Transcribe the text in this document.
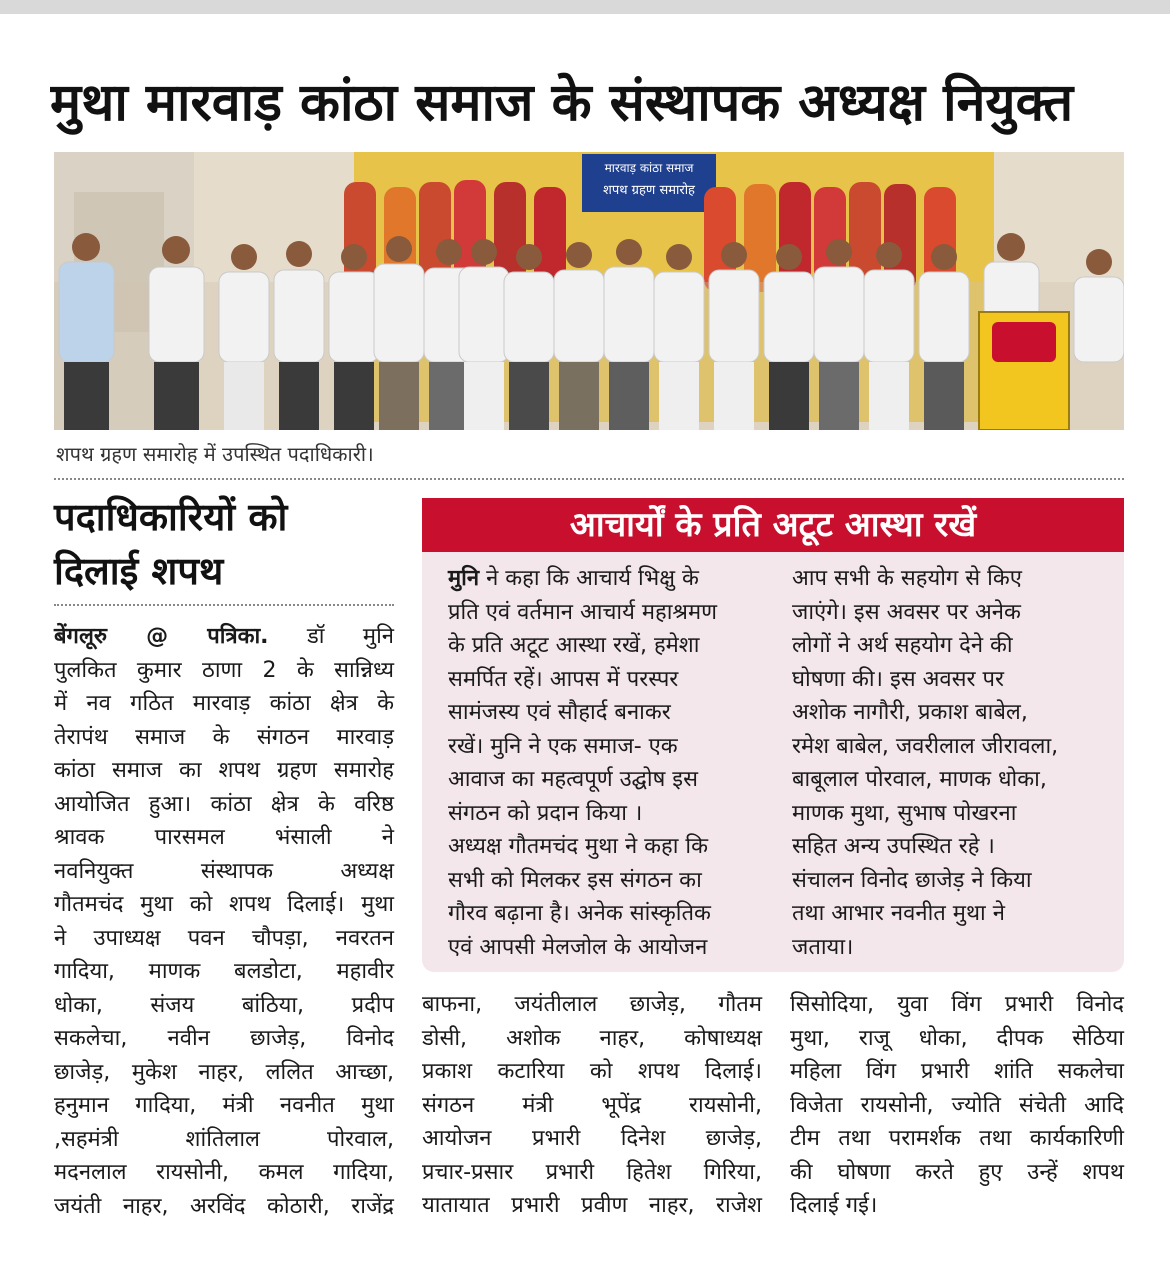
मुथा मारवाड़ कांठा समाज के संस्थापक अध्यक्ष नियुक्त
मारवाड़ कांठा समाज
शपथ ग्रहण समारोह
शपथ ग्रहण समारोह में उपस्थित पदाधिकारी।
पदाधिकारियों को
दिलाई शपथ
बेंगलूरु @ पत्रिका. डॉ मुनि
पुलकित कुमार ठाणा 2 के सान्निध्य
में नव गठित मारवाड़ कांठा क्षेत्र के
तेरापंथ समाज के संगठन मारवाड़
कांठा समाज का शपथ ग्रहण समारोह
आयोजित हुआ। कांठा क्षेत्र के वरिष्ठ
श्रावक पारसमल भंसाली ने
नवनियुक्त संस्थापक अध्यक्ष
गौतमचंद मुथा को शपथ दिलाई। मुथा
ने उपाध्यक्ष पवन चौपड़ा, नवरतन
गादिया, माणक बलडोटा, महावीर
धोका, संजय बांठिया, प्रदीप
सकलेचा, नवीन छाजेड़, विनोद
छाजेड़, मुकेश नाहर, ललित आच्छा,
हनुमान गादिया, मंत्री नवनीत मुथा
,सहमंत्री शांतिलाल पोरवाल,
मदनलाल रायसोनी, कमल गादिया,
जयंती नाहर, अरविंद कोठारी, राजेंद्र
आचार्यों के प्रति अटूट आस्था रखें
मुनि ने कहा कि आचार्य भिक्षु के
प्रति एवं वर्तमान आचार्य महाश्रमण
के प्रति अटूट आस्था रखें, हमेशा
समर्पित रहें। आपस में परस्पर
सामंजस्य एवं सौहार्द बनाकर
रखें। मुनि ने एक समाज- एक
आवाज का महत्वपूर्ण उद्घोष इस
संगठन को प्रदान किया ।
अध्यक्ष गौतमचंद मुथा ने कहा कि
सभी को मिलकर इस संगठन का
गौरव बढ़ाना है। अनेक सांस्कृतिक
एवं आपसी मेलजोल के आयोजन
आप सभी के सहयोग से किए
जाएंगे। इस अवसर पर अनेक
लोगों ने अर्थ सहयोग देने की
घोषणा की। इस अवसर पर
अशोक नागौरी, प्रकाश बाबेल,
रमेश बाबेल, जवरीलाल जीरावला,
बाबूलाल पोरवाल, माणक धोका,
माणक मुथा, सुभाष पोखरना
सहित अन्य उपस्थित रहे ।
संचालन विनोद छाजेड़ ने किया
तथा आभार नवनीत मुथा ने
जताया।
बाफना, जयंतीलाल छाजेड़, गौतम
डोसी, अशोक नाहर, कोषाध्यक्ष
प्रकाश कटारिया को शपथ दिलाई।
संगठन मंत्री भूपेंद्र रायसोनी,
आयोजन प्रभारी दिनेश छाजेड़,
प्रचार-प्रसार प्रभारी हितेश गिरिया,
यातायात प्रभारी प्रवीण नाहर, राजेश
सिसोदिया, युवा विंग प्रभारी विनोद
मुथा, राजू धोका, दीपक सेठिया
महिला विंग प्रभारी शांति सकलेचा
विजेता रायसोनी, ज्योति संचेती आदि
टीम तथा परामर्शक तथा कार्यकारिणी
की घोषणा करते हुए उन्हें शपथ
दिलाई गई।
